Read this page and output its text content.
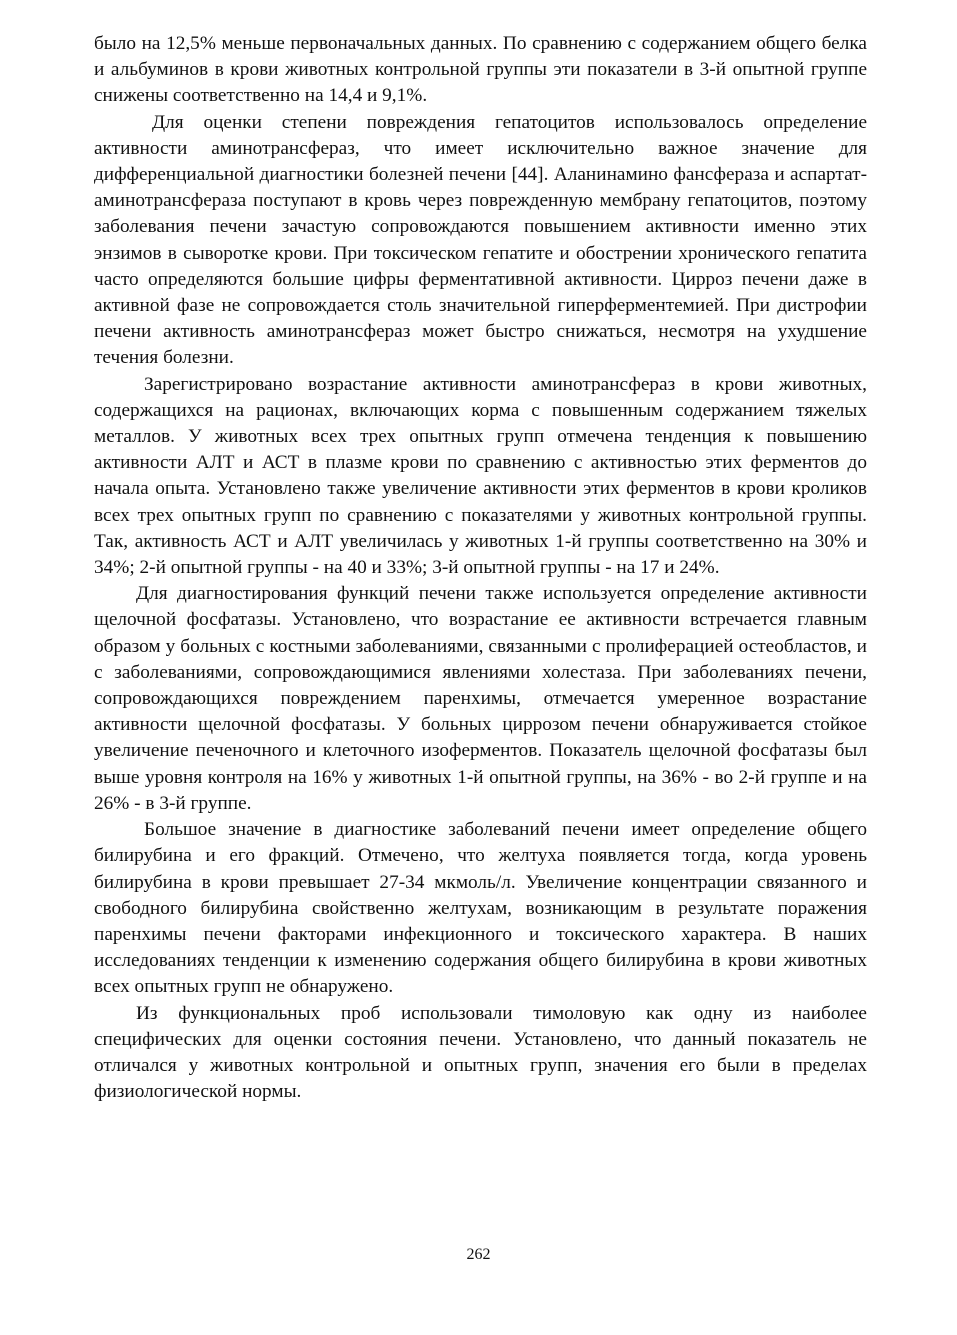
было на 12,5% меньше первоначальных данных. По сравнению с содержанием общего белка и альбуминов в крови животных контрольной группы эти показатели в 3-й опытной группе снижены соответственно на 14,4 и 9,1%.

Для оценки степени повреждения гепатоцитов использовалось определение активности аминотрансфераз, что имеет исключительно важное значение для дифференциальной диагностики болезней печени [44]. Аланинамино фансфераза и аспартат-аминотрансфераза поступают в кровь через поврежденную мембрану гепатоцитов, поэтому заболевания печени зачастую сопровождаются повышением активности именно этих энзимов в сыворотке крови. При токсическом гепатите и обострении хронического гепатита часто определяются большие цифры ферментативной активности. Цирроз печени даже в активной фазе не сопровождается столь значительной гиперферментемией. При дистрофии печени активность аминотрансфераз может быстро снижаться, несмотря на ухудшение течения болезни.

Зарегистрировано возрастание активности аминотрансфераз в крови животных, содержащихся на рационах, включающих корма с повышенным содержанием тяжелых металлов. У животных всех трех опытных групп отмечена тенденция к повышению активности АЛТ и АСТ в плазме крови по сравнению с активностью этих ферментов до начала опыта. Установлено также увеличение активности этих ферментов в крови кроликов всех трех опытных групп по сравнению с показателями у животных контрольной группы. Так, активность АСТ и АЛТ увеличилась у животных 1-й группы соответственно на 30% и 34%; 2-й опытной группы - на 40 и 33%; 3-й опытной группы - на 17 и 24%.

Для диагностирования функций печени также используется определение активности щелочной фосфатазы. Установлено, что возрастание ее активности встречается главным образом у больных с костными заболеваниями, связанными с пролиферацией остеобластов, и с заболеваниями, сопровождающимися явлениями холестаза. При заболеваниях печени, сопровождающихся повреждением паренхимы, отмечается умеренное возрастание активности щелочной фосфатазы. У больных циррозом печени обнаруживается стойкое увеличение печеночного и клеточного изоферментов. Показатель щелочной фосфатазы был выше уровня контроля на 16% у животных 1-й опытной группы, на 36% - во 2-й группе и на 26% - в 3-й группе.

Большое значение в диагностике заболеваний печени имеет определение общего билирубина и его фракций. Отмечено, что желтуха появляется тогда, когда уровень билирубина в крови превышает 27-34 мкмоль/л. Увеличение концентрации связанного и свободного билирубина свойственно желтухам, возникающим в результате поражения паренхимы печени факторами инфекционного и токсического характера. В наших исследованиях тенденции к изменению содержания общего билирубина в крови животных всех опытных групп не обнаружено.

Из функциональных проб использовали тимоловую как одну из наиболее специфических для оценки состояния печени. Установлено, что данный показатель не отличался у животных контрольной и опытных групп, значения его были в пределах физиологической нормы.

262
